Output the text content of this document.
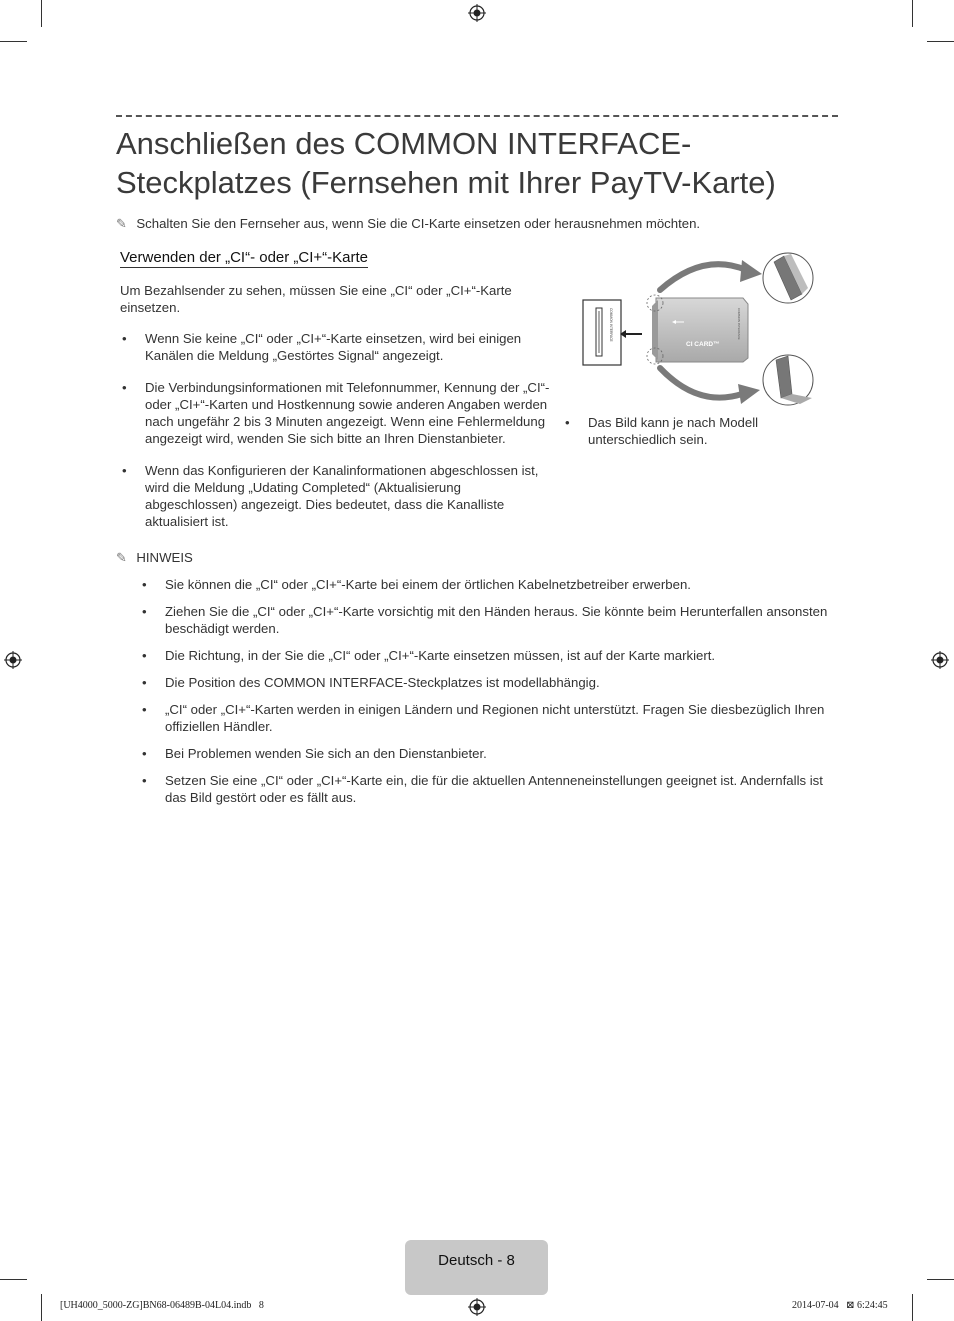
Anschließen des COMMON INTERFACE-
Steckplatzes (Fernsehen mit Ihrer PayTV-Karte)
✎ Schalten Sie den Fernseher aus, wenn Sie die CI-Karte einsetzen oder herausnehmen möchten.
Verwenden der „CI“- oder „CI+“-Karte
Um Bezahlsender zu sehen, müssen Sie eine „CI“ oder „CI+“-Karte einsetzen.
• Wenn Sie keine „CI“ oder „CI+“-Karte einsetzen, wird bei einigen Kanälen die Meldung „Gestörtes Signal“ angezeigt.
• Die Verbindungsinformationen mit Telefonnummer, Kennung der „CI“- oder „CI+“-Karten und Hostkennung sowie anderen Angaben werden nach ungefähr 2 bis 3 Minuten angezeigt. Wenn eine Fehlermeldung angezeigt wird, wenden Sie sich bitte an Ihren Dienstanbieter.
• Wenn das Konfigurieren der Kanalinformationen abgeschlossen ist, wird die Meldung „Udating Completed“ (Aktualisierung abgeschlossen) angezeigt. Dies bedeutet, dass die Kanalliste aktualisiert ist.
COMMON INTERFACE
CI CARD™
COMMON INTERFACE
• Das Bild kann je nach Modell unterschiedlich sein.
✎ HINWEIS
• Sie können die „CI“ oder „CI+“-Karte bei einem der örtlichen Kabelnetzbetreiber erwerben.
• Ziehen Sie die „CI“ oder „CI+“-Karte vorsichtig mit den Händen heraus. Sie könnte beim Herunterfallen ansonsten beschädigt werden.
• Die Richtung, in der Sie die „CI“ oder „CI+“-Karte einsetzen müssen, ist auf der Karte markiert.
• Die Position des COMMON INTERFACE-Steckplatzes ist modellabhängig.
• „CI“ oder „CI+“-Karten werden in einigen Ländern und Regionen nicht unterstützt. Fragen Sie diesbezüglich Ihren offiziellen Händler.
• Bei Problemen wenden Sie sich an den Dienstanbieter.
• Setzen Sie eine „CI“ oder „CI+“-Karte ein, die für die aktuellen Antenneneinstellungen geeignet ist. Andernfalls ist das Bild gestört oder es fällt aus.
Deutsch - 8
[UH4000_5000-ZG]BN68-06489B-04L04.indb   8	2014-07-04   ⊠ 6:24:45
